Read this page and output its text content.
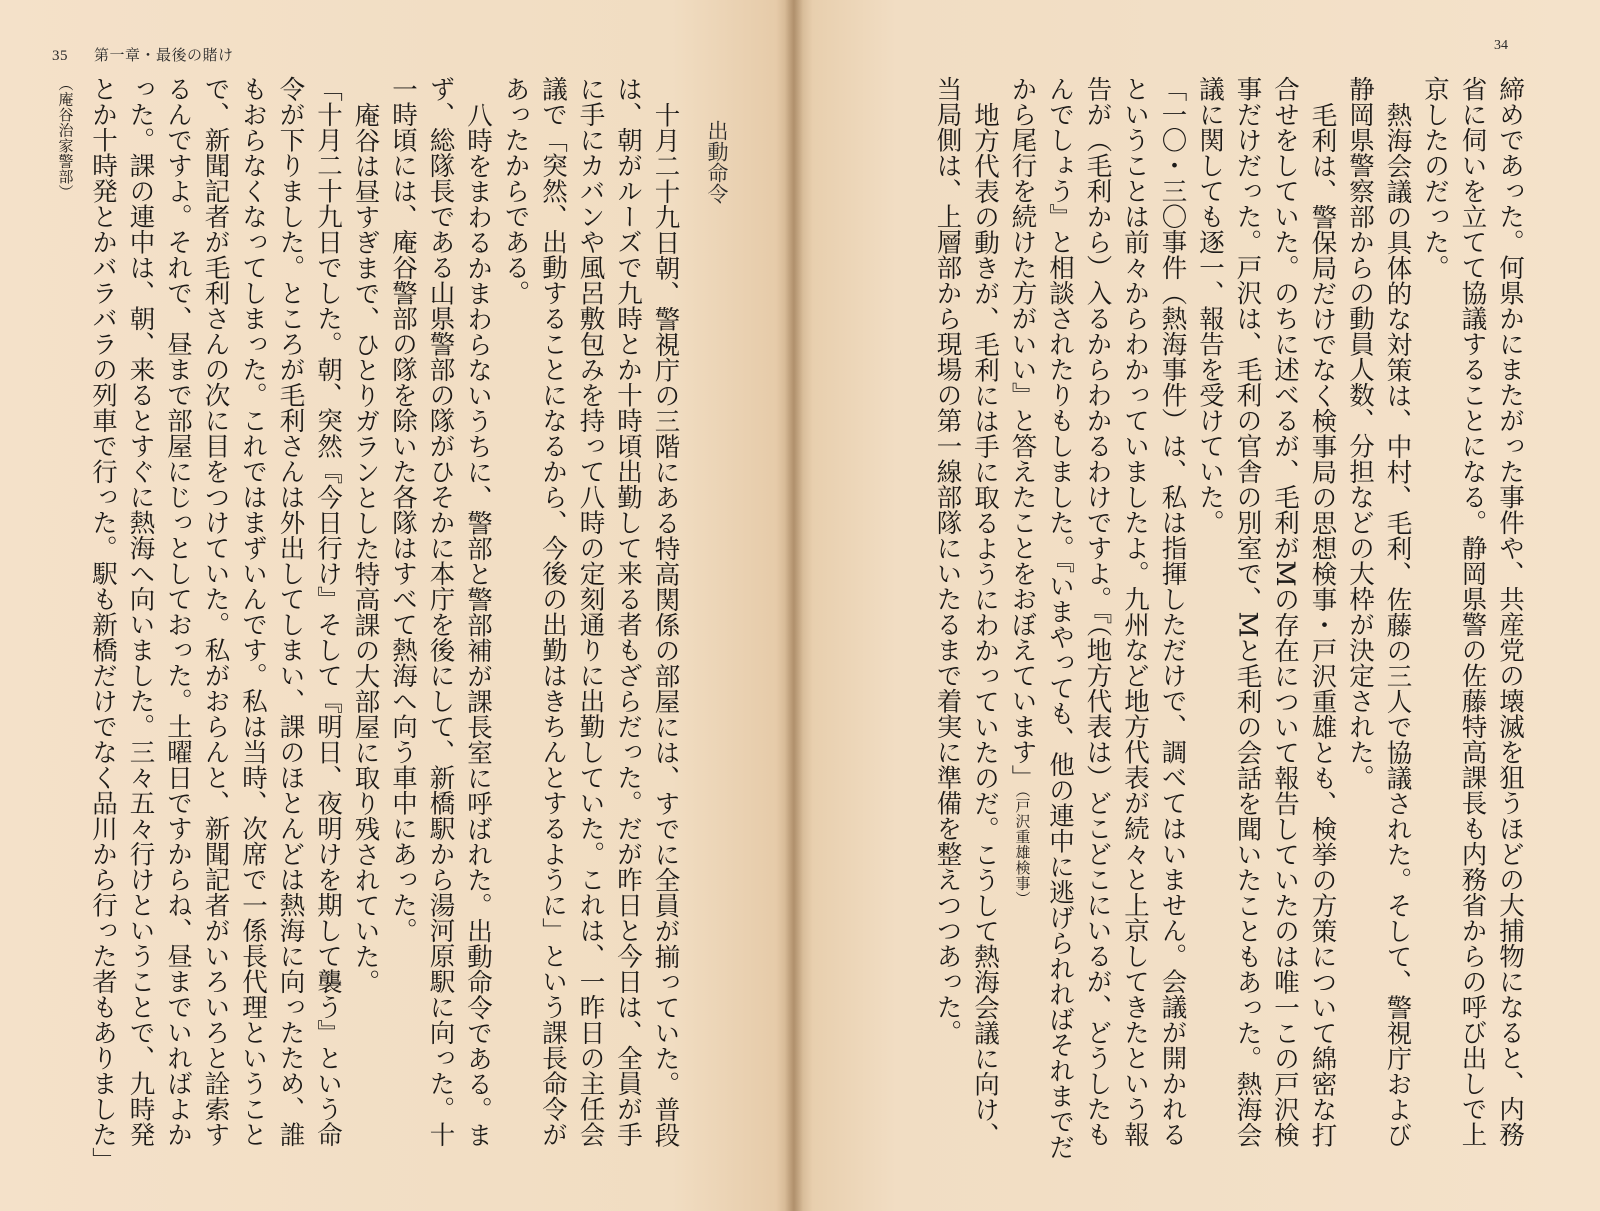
35 第一章・最後の賭け
出動命令

十月二十九日朝、警視庁の三階にある特高関係の部屋には、すでに全員が揃っていた。普段は、朝がルーズで九時とか十時頃出勤して来る者もざらだった。だが昨日と今日は、全員が手に手にカバンや風呂敷包みを持って八時の定刻通りに出勤していた。これは、一昨日の主任会議で「突然、出動することになるから、今後の出勤はきちんとするように」という課長命令があったからである。

八時をまわるかまわらないうちに、警部と警部補が課長室に呼ばれた。出動命令である。まず、総隊長である山県警部の隊がひそかに本庁を後にして、新橋駅から湯河原駅に向った。十一時頃には、庵谷警部の隊を除いた各隊はすべて熱海へ向う車中にあった。

庵谷は昼すぎまで、ひとりガランとした特高課の大部屋に取り残されていた。

「十月二十九日でした。朝、突然『今日行け』そして『明日、夜明けを期して襲う』という命令が下りました。ところが毛利さんは外出してしまい、課のほとんどは熱海に向ったため、誰もおらなくなってしまった。これではまずいんです。私は当時、次席で一係長代理ということで、新聞記者が毛利さんの次に目をつけていた。私がおらんと、新聞記者がいろいろと詮索するんですよ。それで、昼まで部屋にじっとしておった。土曜日ですからね、昼までいればよかった。課の連中は、朝、来るとすぐに熱海へ向いました。三々五々行けということで、九時発とか十時発とかバラバラの列車で行った。駅も新橋だけでなく品川から行った者もありました」（庵谷治家警部）

34

締めであった。何県かにまたがった事件や、共産党の壊滅を狙うほどの大捕物になると、内務省に伺いを立てて協議することになる。静岡県警の佐藤特高課長も内務省からの呼び出しで上京したのだった。

熱海会議の具体的な対策は、中村、毛利、佐藤の三人で協議された。そして、警視庁および静岡県警察部からの動員人数、分担などの大枠が決定された。

毛利は、警保局だけでなく検事局の思想検事・戸沢重雄とも、検挙の方策について綿密な打合せをしていた。のちに述べるが、毛利がMの存在について報告していたのは唯一この戸沢検事だけだった。戸沢は、毛利の官舎の別室で、Mと毛利の会話を聞いたこともあった。熱海会議に関しても逐一、報告を受けていた。

「一〇・三〇事件（熱海事件）は、私は指揮しただけで、調べてはいません。会議が開かれるということは前々からわかっていましたよ。九州など地方代表が続々と上京してきたという報告が（毛利から）入るからわかるわけですよ。『（地方代表は）どこどこにいるが、どうしたもんでしょう』と相談されたりもしました。『いまやっても、他の連中に逃げられればそれまでだから尾行を続けた方がいい』と答えたことをおぼえています」（戸沢重雄検事）

地方代表の動きが、毛利には手に取るようにわかっていたのだ。こうして熱海会議に向け、当局側は、上層部から現場の第一線部隊にいたるまで着実に準備を整えつつあった。
